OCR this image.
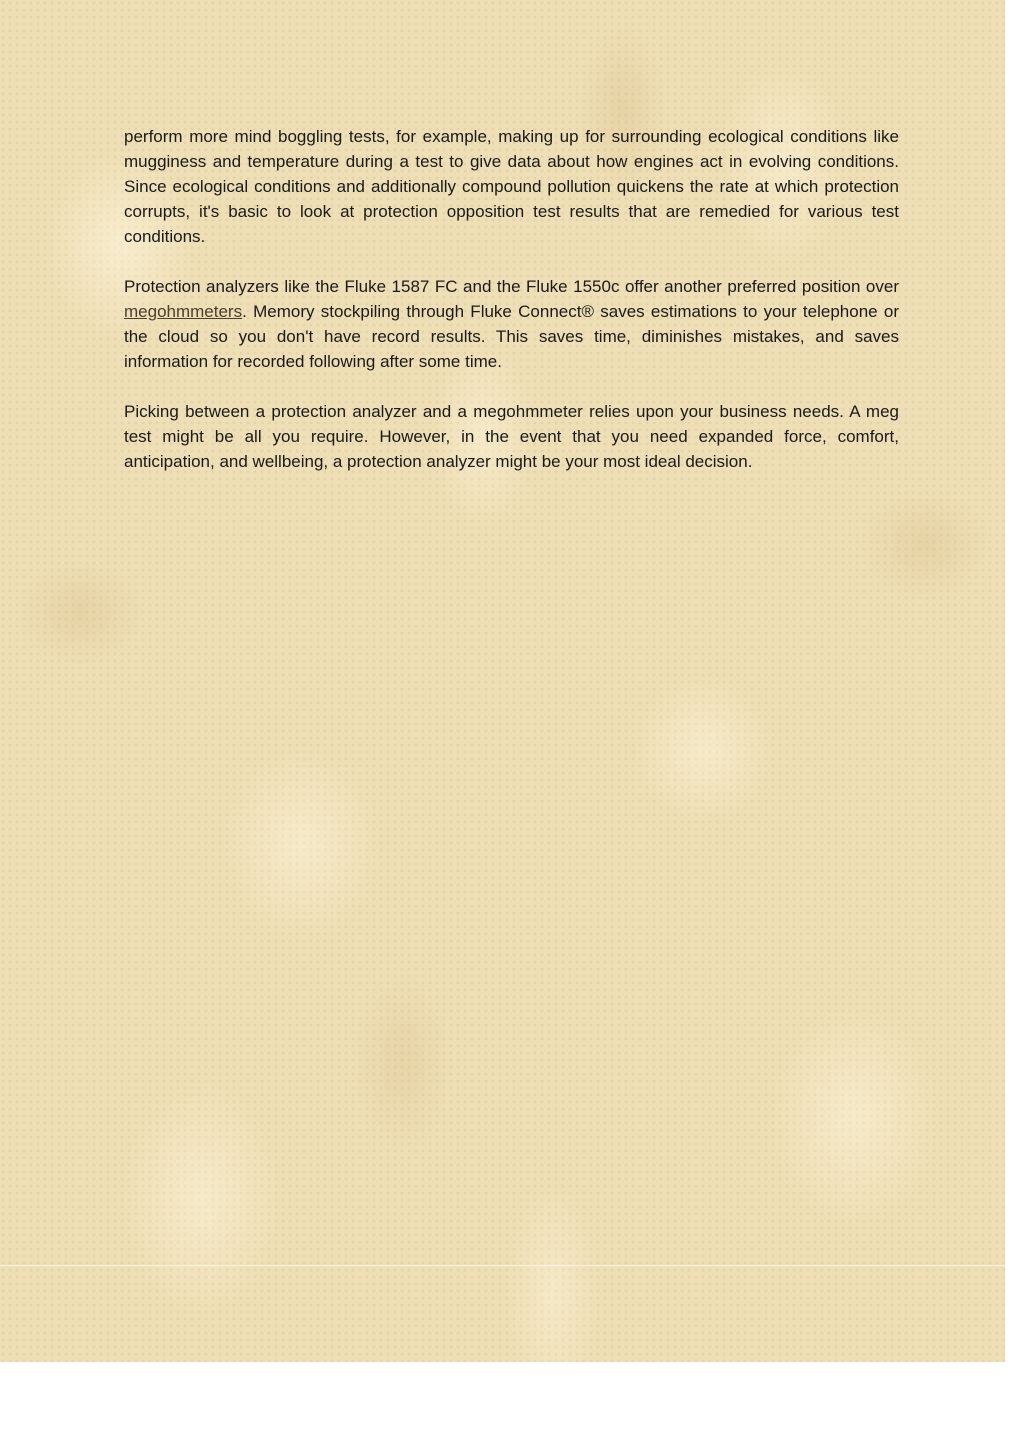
perform more mind boggling tests, for example, making up for surrounding ecological conditions like mugginess and temperature during a test to give data about how engines act in evolving conditions. Since ecological conditions and additionally compound pollution quickens the rate at which protection corrupts, it's basic to look at protection opposition test results that are remedied for various test conditions.

Protection analyzers like the Fluke 1587 FC and the Fluke 1550c offer another preferred position over megohmmeters. Memory stockpiling through Fluke Connect® saves estimations to your telephone or the cloud so you don't have record results. This saves time, diminishes mistakes, and saves information for recorded following after some time.

Picking between a protection analyzer and a megohmmeter relies upon your business needs. A meg test might be all you require. However, in the event that you need expanded force, comfort, anticipation, and wellbeing, a protection analyzer might be your most ideal decision.
